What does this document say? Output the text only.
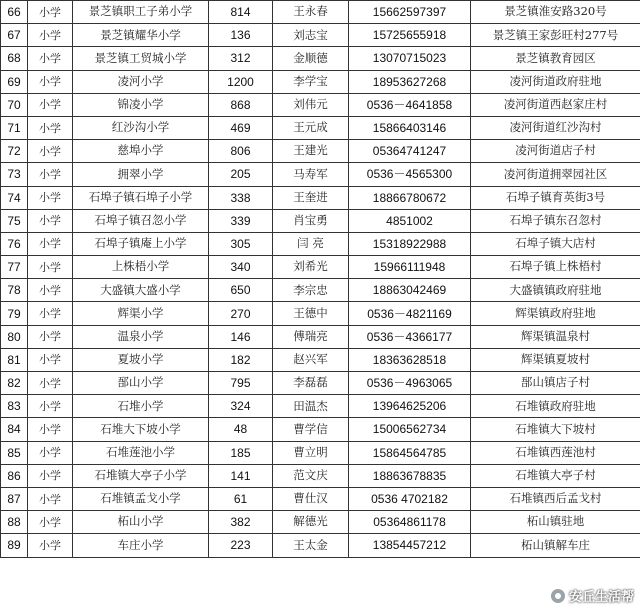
66	小学	景芝镇职工子弟小学	814	王永春	15662597397	景芝镇淮安路320号
67	小学	景芝镇耀华小学	136	刘志宝	15725655918	景芝镇王家彭旺村277号
68	小学	景芝镇工贸城小学	312	金顺德	13070715023	景芝镇教育园区
69	小学	凌河小学	1200	李学宝	18953627268	凌河街道政府驻地
70	小学	锦凌小学	868	刘伟元	0536－4641858	凌河街道西赵家庄村
71	小学	红沙沟小学	469	王元成	15866403146	凌河街道红沙沟村
72	小学	慈埠小学	806	王建光	05364741247	凌河街道店子村
73	小学	拥翠小学	205	马寿军	0536－4565300	凌河街道拥翠园社区
74	小学	石埠子镇石埠子小学	338	王奎进	18866780672	石埠子镇育英街3号
75	小学	石埠子镇召忽小学	339	肖宝勇	4851002	石埠子镇东召忽村
76	小学	石埠子镇庵上小学	305	闫 亮	15318922988	石埠子镇大店村
77	小学	上株梧小学	340	刘希光	15966111948	石埠子镇上株梧村
78	小学	大盛镇大盛小学	650	李宗忠	18863042469	大盛镇镇政府驻地
79	小学	辉渠小学	270	王德中	0536－4821169	辉渠镇政府驻地
80	小学	温泉小学	146	傅瑞亮	0536－4366177	辉渠镇温泉村
81	小学	夏坡小学	182	赵兴军	18363628518	辉渠镇夏坡村
82	小学	郚山小学	795	李磊磊	0536－4963065	郚山镇店子村
83	小学	石堆小学	324	田温杰	13964625206	石堆镇政府驻地
84	小学	石堆大下坡小学	48	曹学信	15006562734	石堆镇大下坡村
85	小学	石堆莲池小学	185	曹立明	15864564785	石堆镇西莲池村
86	小学	石堆镇大亭子小学	141	范文庆	18863678835	石堆镇大亭子村
87	小学	石堆镇孟戈小学	61	曹仕汉	0536 4702182	石堆镇西后孟戈村
88	小学	柘山小学	382	解德光	05364861178	柘山镇驻地
89	小学	车庄小学	223	王太金	13854457212	柘山镇解车庄
安丘生活帮
